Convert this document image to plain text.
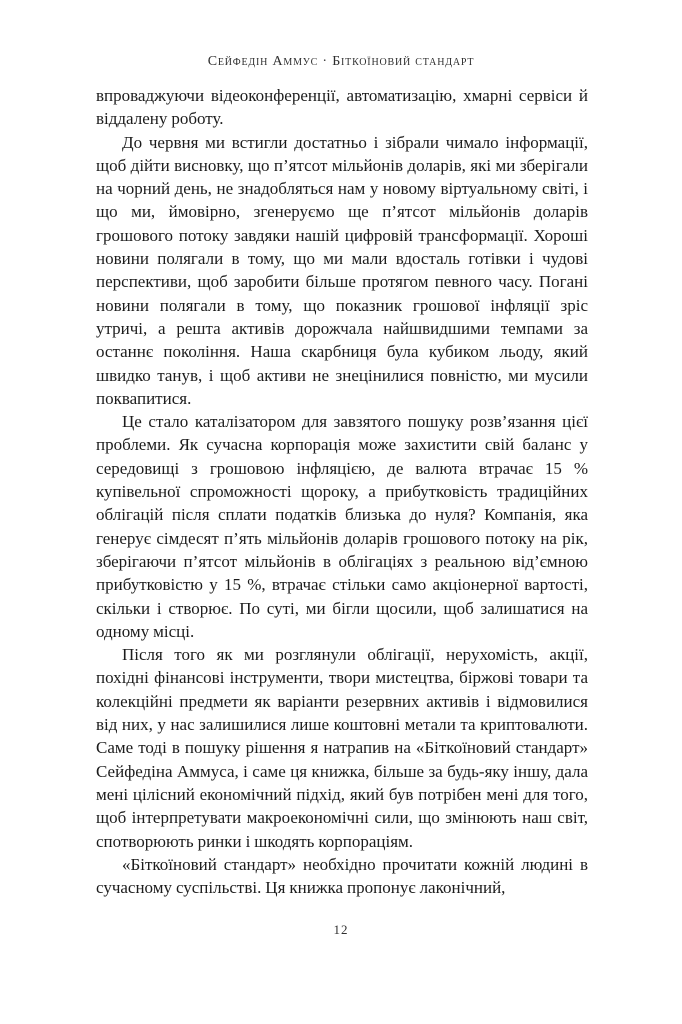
Сейфедін Аммус · Біткоїновий стандарт

впроваджуючи відеоконференції, автоматизацію, хмарні сервіси й віддалену роботу.

До червня ми встигли достатньо і зібрали чимало інформації, щоб дійти висновку, що п’ятсот мільйонів доларів, які ми зберігали на чорний день, не знадобляться нам у новому віртуальному світі, і що ми, ймовірно, згенеруємо ще п’ятсот мільйонів доларів грошового потоку завдяки нашій цифровій трансформації. Хороші новини полягали в тому, що ми мали вдосталь готівки і чудові перспективи, щоб заробити більше протягом певного часу. Погані новини полягали в тому, що показник грошової інфляції зріс утричі, а решта активів дорожчала найшвидшими темпами за останнє покоління. Наша скарбниця була кубиком льоду, який швидко танув, і щоб активи не знецінилися повністю, ми мусили поквапитися.

Це стало каталізатором для завзятого пошуку розв’язання цієї проблеми. Як сучасна корпорація може захистити свій баланс у середовищі з грошовою інфляцією, де валюта втрачає 15 % купівельної спроможності щороку, а прибутковість традиційних облігацій після сплати податків близька до нуля? Компанія, яка генерує сімдесят п’ять мільйонів доларів грошового потоку на рік, зберігаючи п’ятсот мільйонів в облігаціях з реальною від’ємною прибутковістю у 15 %, втрачає стільки само акціонерної вартості, скільки і створює. По суті, ми бігли щосили, щоб залишатися на одному місці.

Після того як ми розглянули облігації, нерухомість, акції, похідні фінансові інструменти, твори мистецтва, біржові товари та колекційні предмети як варіанти резервних активів і відмовилися від них, у нас залишилися лише коштовні метали та криптовалюти. Саме тоді в пошуку рішення я натрапив на «Біткоїновий стандарт» Сейфедіна Аммуса, і саме ця книжка, більше за будь-яку іншу, дала мені цілісний економічний підхід, який був потрібен мені для того, щоб інтерпретувати макроекономічні сили, що змінюють наш світ, спотворюють ринки і шкодять корпораціям.

«Біткоїновий стандарт» необхідно прочитати кожній людині в сучасному суспільстві. Ця книжка пропонує лаконічний,

12
